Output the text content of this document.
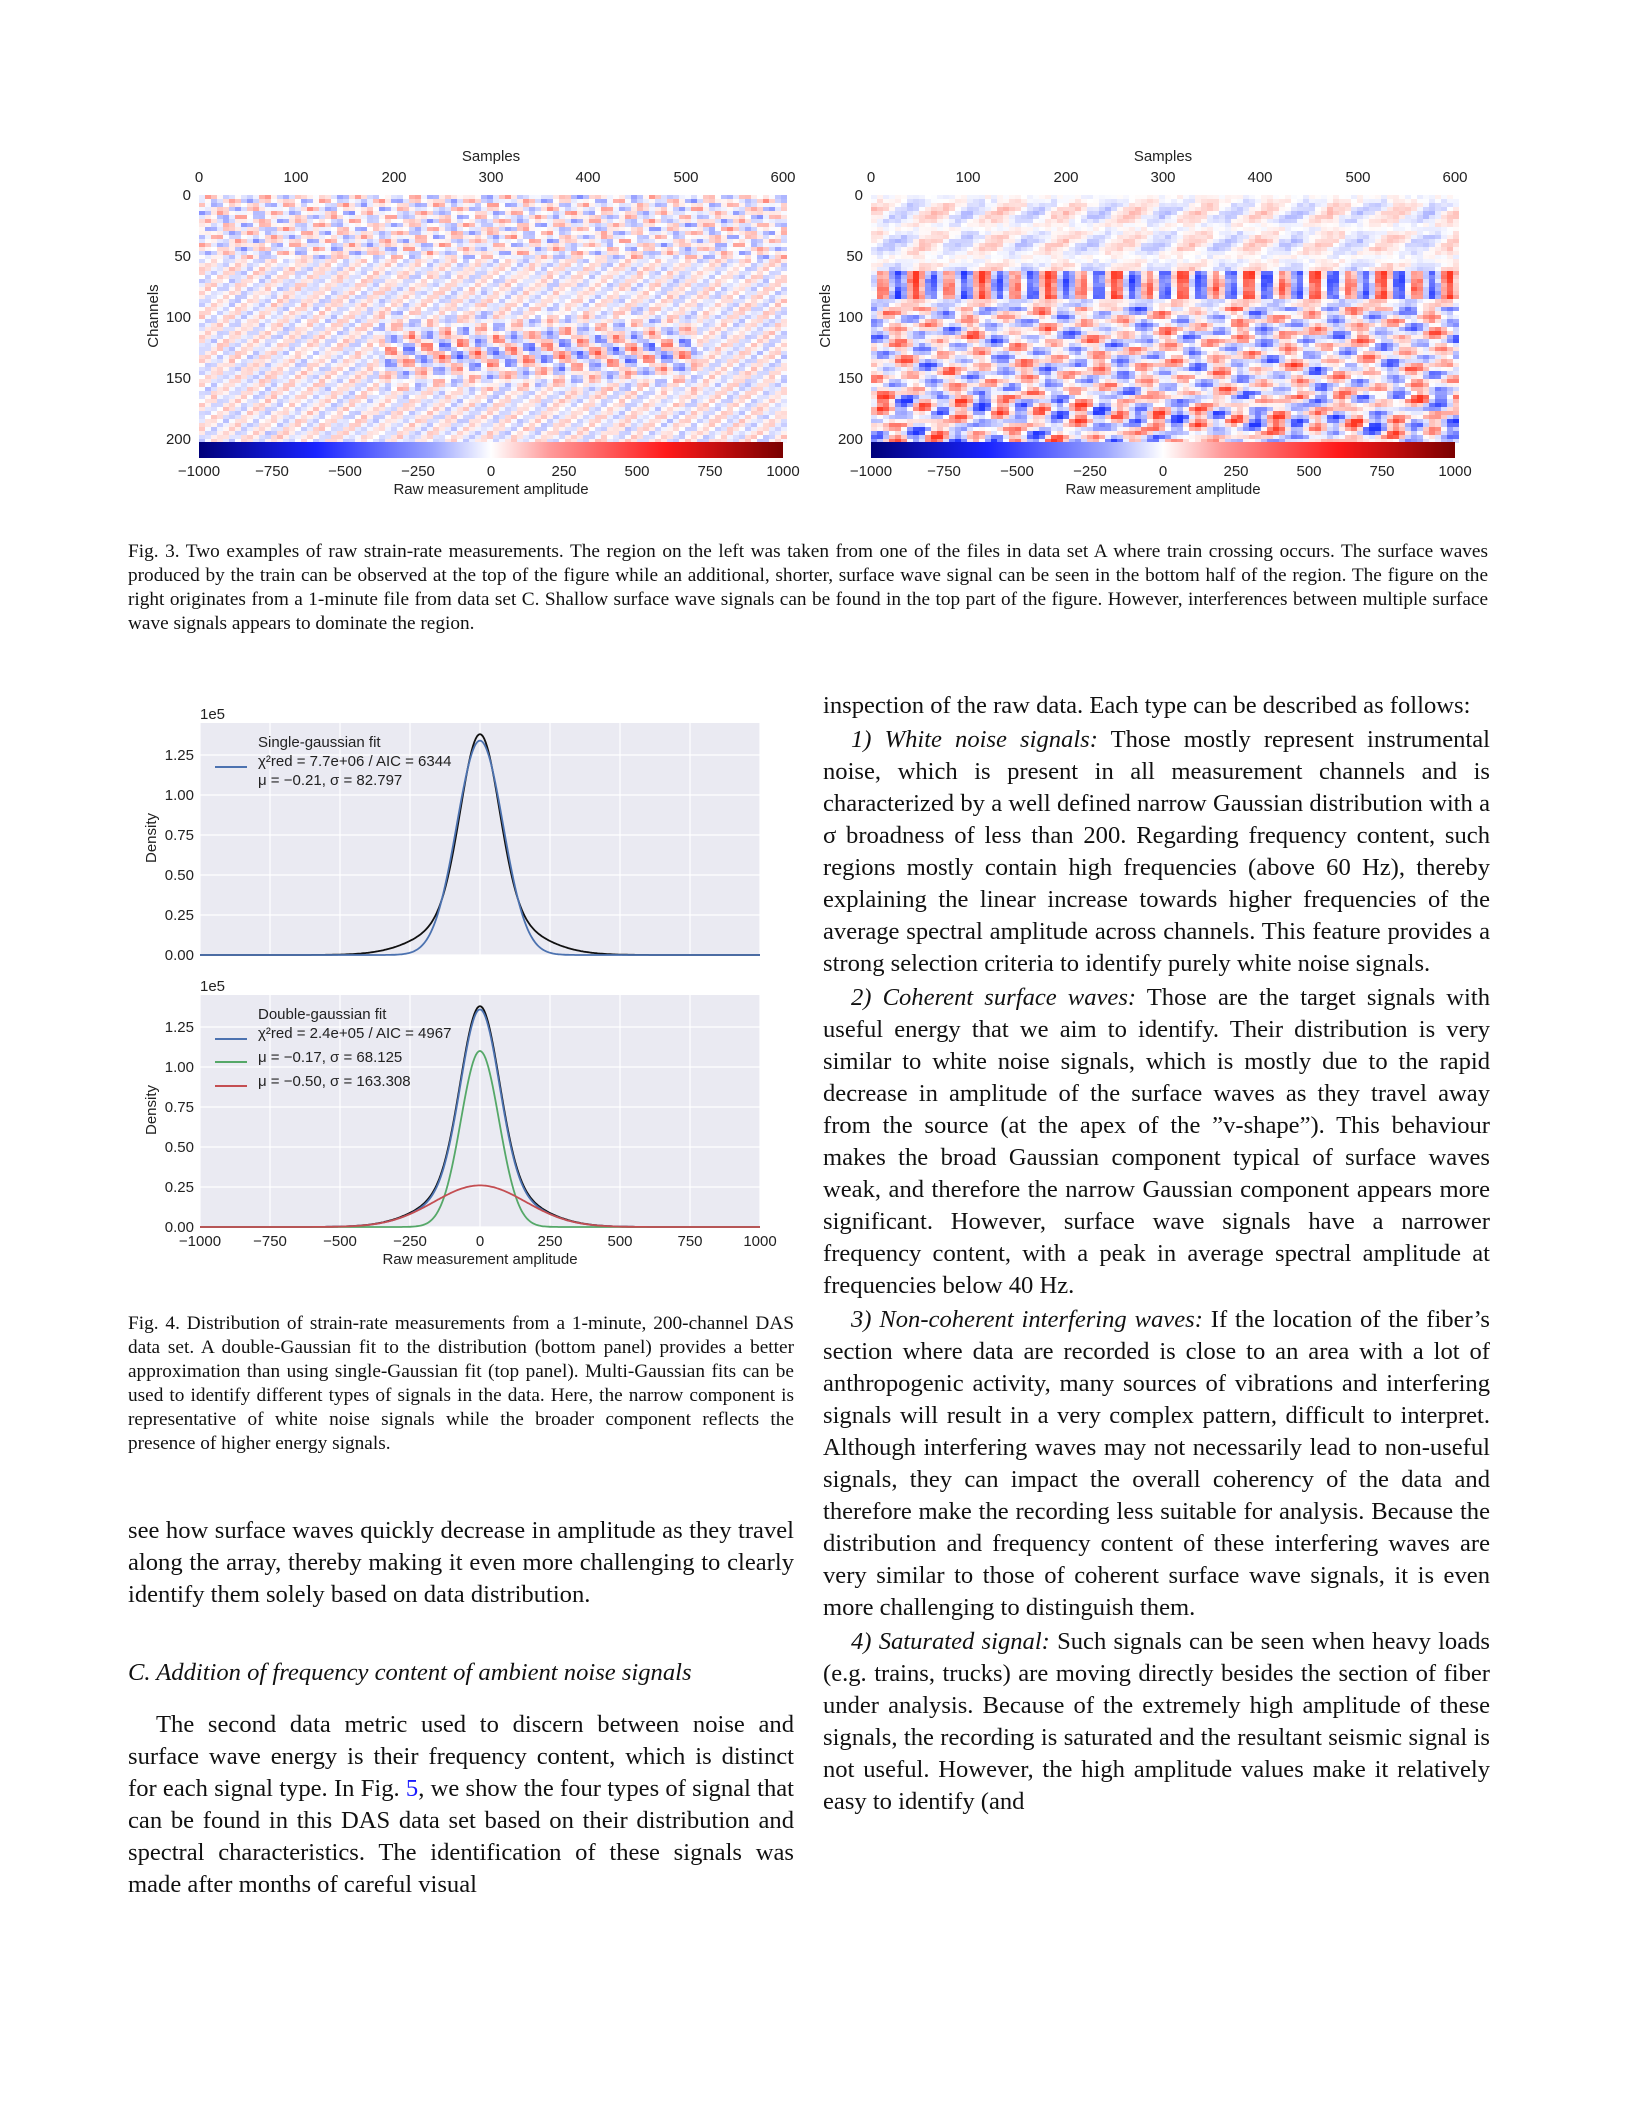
Samples
0	100	200	300	400	500	600
Channels
0
50
100
150
200
−1000 −750	−500	−250	0	250	500	750	1000
Raw measurement amplitude
Samples
0	100	200	300	400	500	600
Channels
0
50
100
150
200
−1000 −750	−500	−250	0	250	500	750	1000
Raw measurement amplitude
Fig. 3. Two examples of raw strain-rate measurements. The region on the left was taken from one of the files in data set A where train crossing occurs. The surface waves produced by the train can be observed at the top of the figure while an additional, shorter, surface wave signal can be seen in the bottom half of the region. The figure on the right originates from a 1-minute file from data set C. Shallow surface wave signals can be found in the top part of the figure. However, interferences between multiple surface wave signals appears to dominate the region.
1e5
Density
0.00
0.25
0.50
0.75
1.00
1.25
Single-gaussian fit
χ²red = 7.7e+06 / AIC = 6344
μ = −0.21, σ = 82.797
1e5
Density
0.00
0.25
0.50
0.75
1.00
1.25
Double-gaussian fit
χ²red = 2.4e+05 / AIC = 4967
μ = −0.17, σ = 68.125
μ = −0.50, σ = 163.308
−1000 −750 −500 −250	0	250	500	750	1000
Raw measurement amplitude
Fig. 4. Distribution of strain-rate measurements from a 1-minute, 200-channel DAS data set. A double-Gaussian fit to the distribution (bottom panel) provides a better approximation than using single-Gaussian fit (top panel). Multi-Gaussian fits can be used to identify different types of signals in the data. Here, the narrow component is representative of white noise signals while the broader component reflects the presence of higher energy signals.

see how surface waves quickly decrease in amplitude as they travel along the array, thereby making it even more challenging to clearly identify them solely based on data distribution.

C. Addition of frequency content of ambient noise signals

The second data metric used to discern between noise and surface wave energy is their frequency content, which is distinct for each signal type. In Fig. 5, we show the four types of signal that can be found in this DAS data set based on their distribution and spectral characteristics. The identification of these signals was made after months of careful visual

inspection of the raw data. Each type can be described as follows:

1) White noise signals: Those mostly represent instrumental noise, which is present in all measurement channels and is characterized by a well defined narrow Gaussian distribution with a σ broadness of less than 200. Regarding frequency content, such regions mostly contain high frequencies (above 60 Hz), thereby explaining the linear increase towards higher frequencies of the average spectral amplitude across channels. This feature provides a strong selection criteria to identify purely white noise signals.

2) Coherent surface waves: Those are the target signals with useful energy that we aim to identify. Their distribution is very similar to white noise signals, which is mostly due to the rapid decrease in amplitude of the surface waves as they travel away from the source (at the apex of the ”v-shape”). This behaviour makes the broad Gaussian component typical of surface waves weak, and therefore the narrow Gaussian component appears more significant. However, surface wave signals have a narrower frequency content, with a peak in average spectral amplitude at frequencies below 40 Hz.

3) Non-coherent interfering waves: If the location of the fiber’s section where data are recorded is close to an area with a lot of anthropogenic activity, many sources of vibrations and interfering signals will result in a very complex pattern, difficult to interpret. Although interfering waves may not necessarily lead to non-useful signals, they can impact the overall coherency of the data and therefore make the recording less suitable for analysis. Because the distribution and frequency content of these interfering waves are very similar to those of coherent surface wave signals, it is even more challenging to distinguish them.

4) Saturated signal: Such signals can be seen when heavy loads (e.g. trains, trucks) are moving directly besides the section of fiber under analysis. Because of the extremely high amplitude of these signals, the recording is saturated and the resultant seismic signal is not useful. However, the high amplitude values make it relatively easy to identify (and
